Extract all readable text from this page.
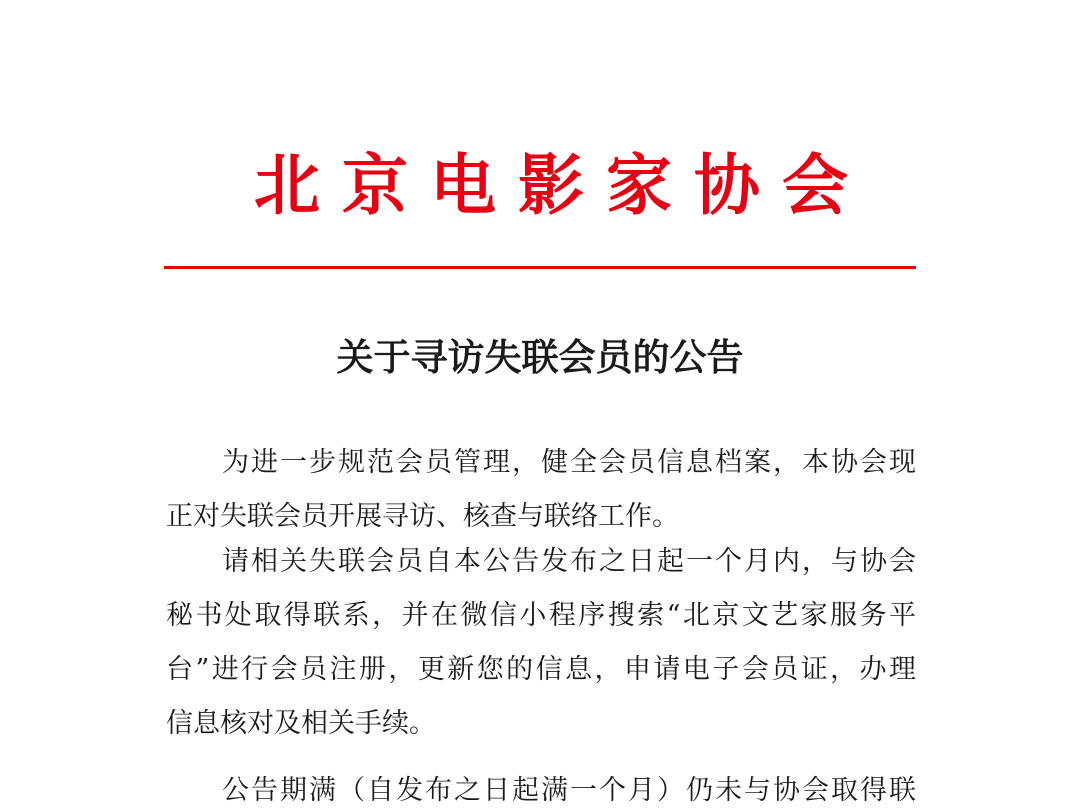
北京电影家协会
关于寻访失联会员的公告
为进一步规范会员管理，健全会员信息档案，本协会现
正对失联会员开展寻访、核查与联络工作。
请相关失联会员自本公告发布之日起一个月内，与协会
秘书处取得联系，并在微信小程序搜索“北京文艺家服务平
台”进行会员注册，更新您的信息，申请电子会员证，办理
信息核对及相关手续。
公告期满（自发布之日起满一个月）仍未与协会取得联
